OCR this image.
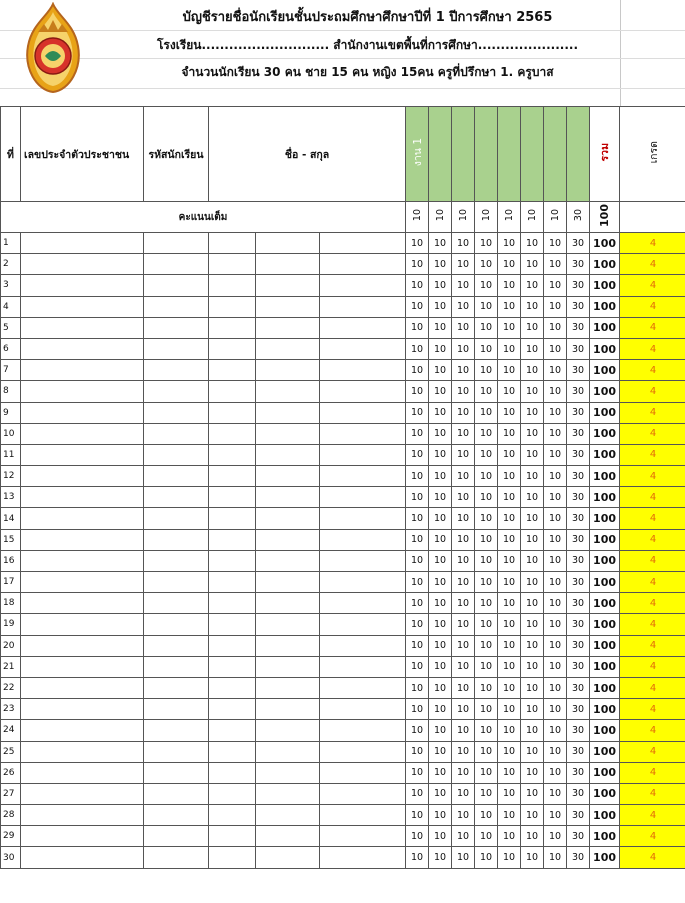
บัญชีรายชื่อนักเรียนชั้นประถมศึกษาศึกษาปีที่ 1 ปีการศึกษา 2565
โรงเรียน............................ สำนักงานเขตพื้นที่การศึกษา......................
จำนวนนักเรียน 30 คน ชาย 15 คน หญิง 15คน ครูที่ปรึกษา 1. ครูบาส
ที่	เลขประจำตัวประชาชน	รหัสนักเรียน	ชื่อ - สกุล			งาน 1								รวม	เกรด
คะแนนเต็ม						10	10	10	10	10	10	10	30	100	
1						10	10	10	10	10	10	10	30	100	4
2						10	10	10	10	10	10	10	30	100	4
3						10	10	10	10	10	10	10	30	100	4
4						10	10	10	10	10	10	10	30	100	4
5						10	10	10	10	10	10	10	30	100	4
6						10	10	10	10	10	10	10	30	100	4
7						10	10	10	10	10	10	10	30	100	4
8						10	10	10	10	10	10	10	30	100	4
9						10	10	10	10	10	10	10	30	100	4
10						10	10	10	10	10	10	10	30	100	4
11						10	10	10	10	10	10	10	30	100	4
12						10	10	10	10	10	10	10	30	100	4
13						10	10	10	10	10	10	10	30	100	4
14						10	10	10	10	10	10	10	30	100	4
15						10	10	10	10	10	10	10	30	100	4
16						10	10	10	10	10	10	10	30	100	4
17						10	10	10	10	10	10	10	30	100	4
18						10	10	10	10	10	10	10	30	100	4
19						10	10	10	10	10	10	10	30	100	4
20						10	10	10	10	10	10	10	30	100	4
21						10	10	10	10	10	10	10	30	100	4
22						10	10	10	10	10	10	10	30	100	4
23						10	10	10	10	10	10	10	30	100	4
24						10	10	10	10	10	10	10	30	100	4
25						10	10	10	10	10	10	10	30	100	4
26						10	10	10	10	10	10	10	30	100	4
27						10	10	10	10	10	10	10	30	100	4
28						10	10	10	10	10	10	10	30	100	4
29						10	10	10	10	10	10	10	30	100	4
30						10	10	10	10	10	10	10	30	100	4
